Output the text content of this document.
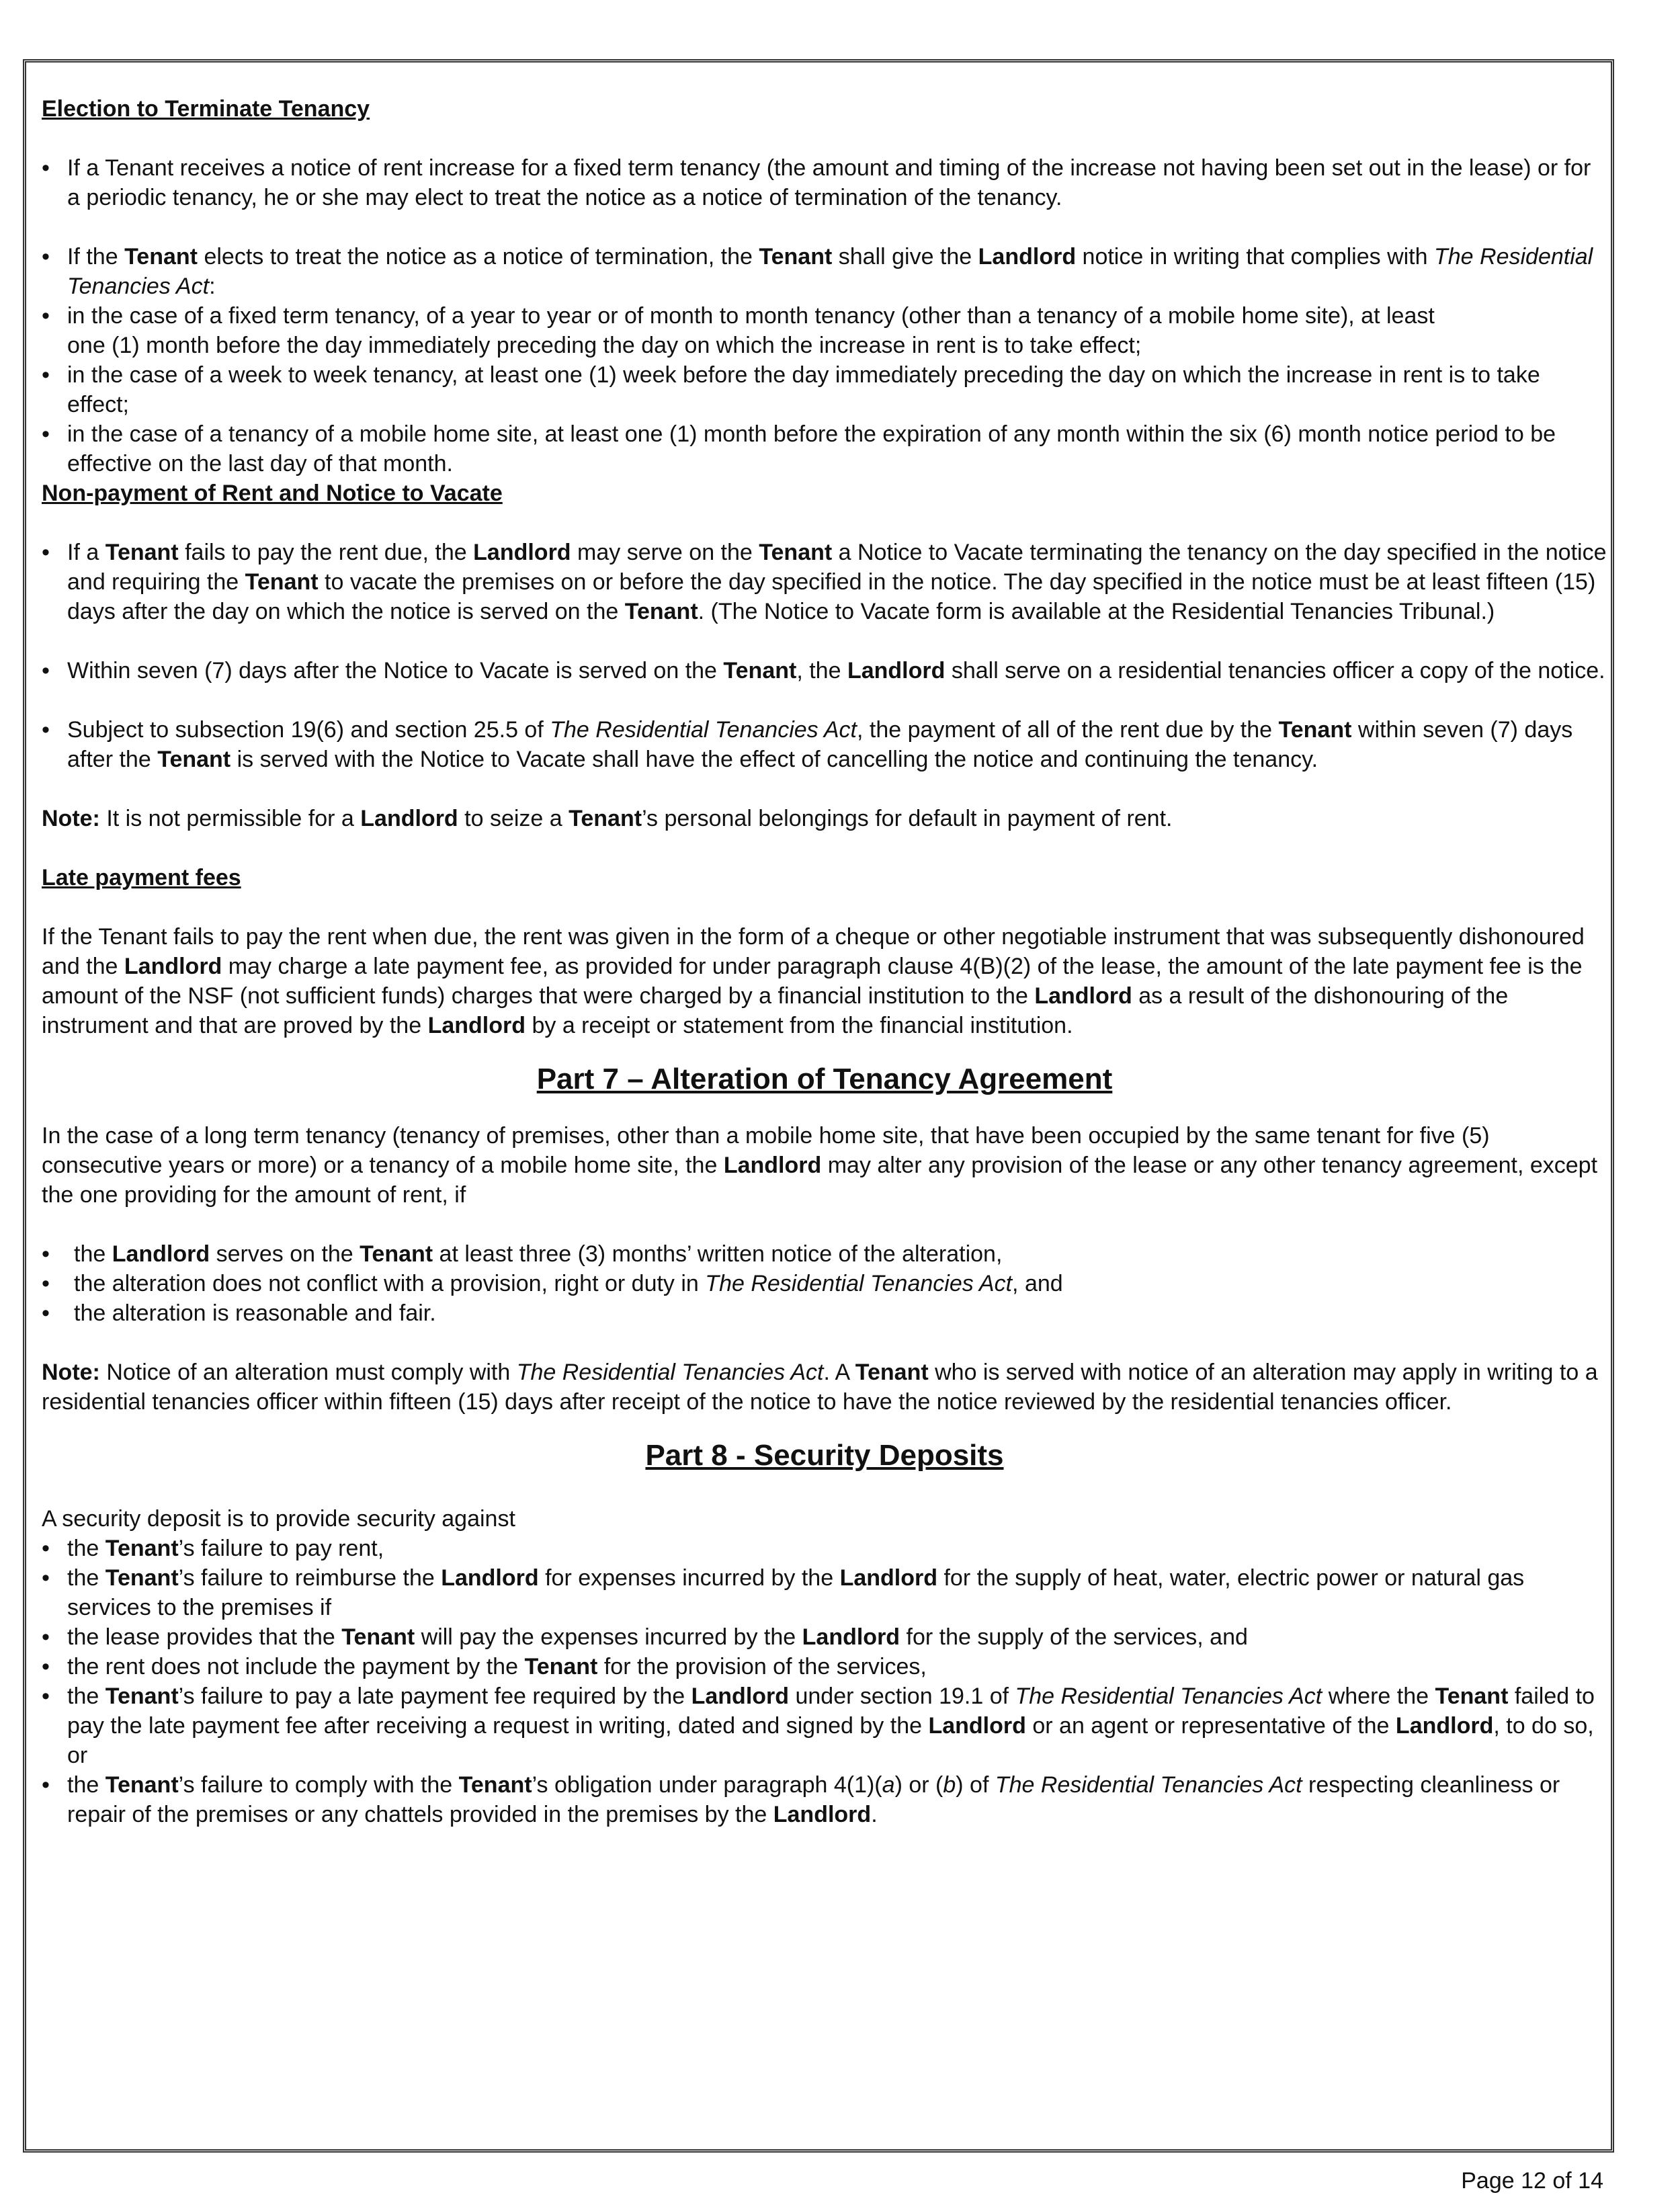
Election to Terminate Tenancy
• If a Tenant receives a notice of rent increase for a fixed term tenancy (the amount and timing of the increase not having been set out in the lease) or for a periodic tenancy, he or she may elect to treat the notice as a notice of termination of the tenancy.
• If the Tenant elects to treat the notice as a notice of termination, the Tenant shall give the Landlord notice in writing that complies with The Residential Tenancies Act:
• in the case of a fixed term tenancy, of a year to year or of month to month tenancy (other than a tenancy of a mobile home site), at least
one (1) month before the day immediately preceding the day on which the increase in rent is to take effect;
• in the case of a week to week tenancy, at least one (1) week before the day immediately preceding the day on which the increase in rent is to take effect;
• in the case of a tenancy of a mobile home site, at least one (1) month before the expiration of any month within the six (6) month notice period to be effective on the last day of that month.
Non-payment of Rent and Notice to Vacate
• If a Tenant fails to pay the rent due, the Landlord may serve on the Tenant a Notice to Vacate terminating the tenancy on the day specified in the notice and requiring the Tenant to vacate the premises on or before the day specified in the notice. The day specified in the notice must be at least fifteen (15) days after the day on which the notice is served on the Tenant. (The Notice to Vacate form is available at the Residential Tenancies Tribunal.)
• Within seven (7) days after the Notice to Vacate is served on the Tenant, the Landlord shall serve on a residential tenancies officer a copy of the notice.
• Subject to subsection 19(6) and section 25.5 of The Residential Tenancies Act, the payment of all of the rent due by the Tenant within seven (7) days after the Tenant is served with the Notice to Vacate shall have the effect of cancelling the notice and continuing the tenancy.

Note: It is not permissible for a Landlord to seize a Tenant’s personal belongings for default in payment of rent.

Late payment fees

If the Tenant fails to pay the rent when due, the rent was given in the form of a cheque or other negotiable instrument that was subsequently dishonoured and the Landlord may charge a late payment fee, as provided for under paragraph clause 4(B)(2) of the lease, the amount of the late payment fee is the amount of the NSF (not sufficient funds) charges that were charged by a financial institution to the Landlord as a result of the dishonouring of the instrument and that are proved by the Landlord by a receipt or statement from the financial institution.

Part 7 – Alteration of Tenancy Agreement

In the case of a long term tenancy (tenancy of premises, other than a mobile home site, that have been occupied by the same tenant for five (5) consecutive years or more) or a tenancy of a mobile home site, the Landlord may alter any provision of the lease or any other tenancy agreement, except the one providing for the amount of rent, if

• the Landlord serves on the Tenant at least three (3) months’ written notice of the alteration,
• the alteration does not conflict with a provision, right or duty in The Residential Tenancies Act, and
• the alteration is reasonable and fair.

Note: Notice of an alteration must comply with The Residential Tenancies Act. A Tenant who is served with notice of an alteration may apply in writing to a residential tenancies officer within fifteen (15) days after receipt of the notice to have the notice reviewed by the residential tenancies officer.

Part 8 - Security Deposits

A security deposit is to provide security against

• the Tenant’s failure to pay rent,
• the Tenant’s failure to reimburse the Landlord for expenses incurred by the Landlord for the supply of heat, water, electric power or natural gas services to the premises if
• the lease provides that the Tenant will pay the expenses incurred by the Landlord for the supply of the services, and
• the rent does not include the payment by the Tenant for the provision of the services,
• the Tenant’s failure to pay a late payment fee required by the Landlord under section 19.1 of The Residential Tenancies Act where the Tenant failed to pay the late payment fee after receiving a request in writing, dated and signed by the Landlord or an agent or representative of the Landlord, to do so, or
• the Tenant’s failure to comply with the Tenant’s obligation under paragraph 4(1)(a) or (b) of The Residential Tenancies Act respecting cleanliness or repair of the premises or any chattels provided in the premises by the Landlord.
Page 12 of 14
